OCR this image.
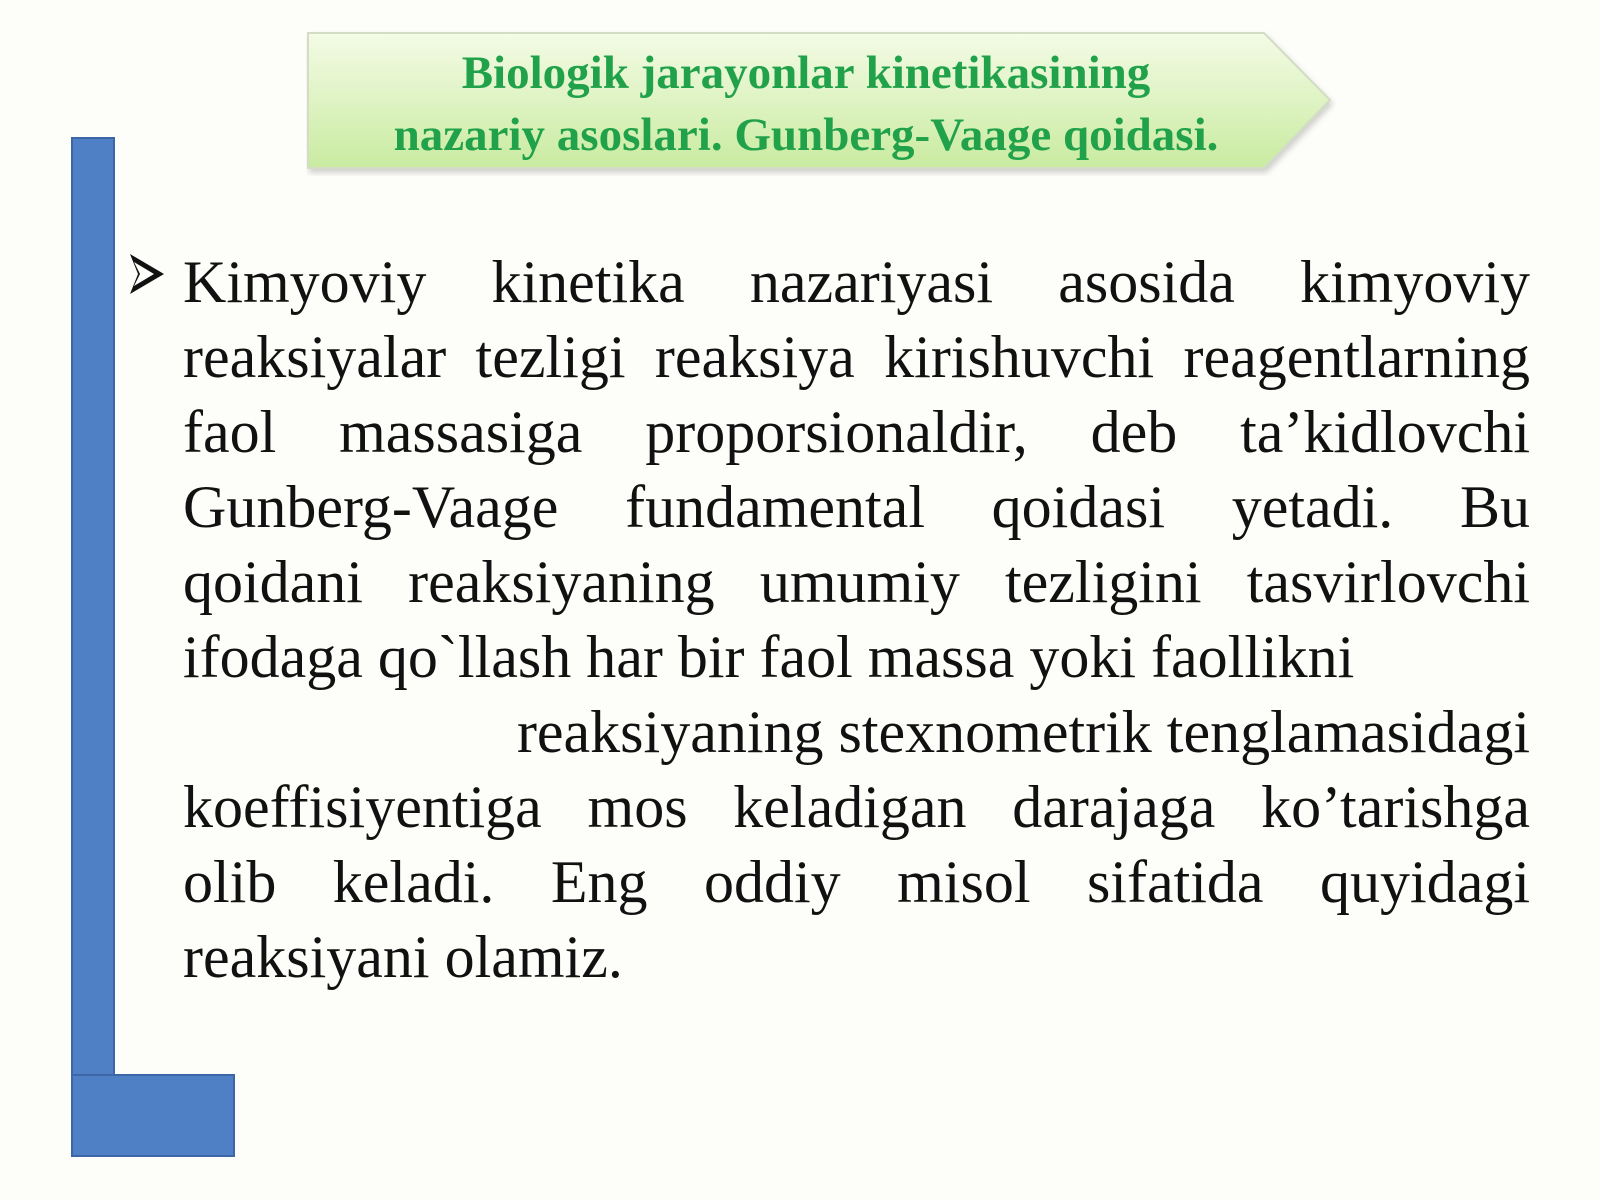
Biologik jarayonlar kinetikasining
nazariy asoslari. Gunberg-Vaage qoidasi.
Kimyoviy kinetika nazariyasi asosida kimyoviy
reaksiyalar tezligi reaksiya kirishuvchi reagentlarning
faol massasiga proporsionaldir, deb ta’kidlovchi
Gunberg-Vaage fundamental qoidasi yetadi. Bu
qoidani reaksiyaning umumiy tezligini tasvirlovchi
ifodaga qo`llash har bir faol massa yoki faollikni
reaksiyaning stexnometrik tenglamasidagi
koeffisiyentiga mos keladigan darajaga ko’tarishga
olib keladi. Eng oddiy misol sifatida quyidagi
reaksiyani olamiz.
